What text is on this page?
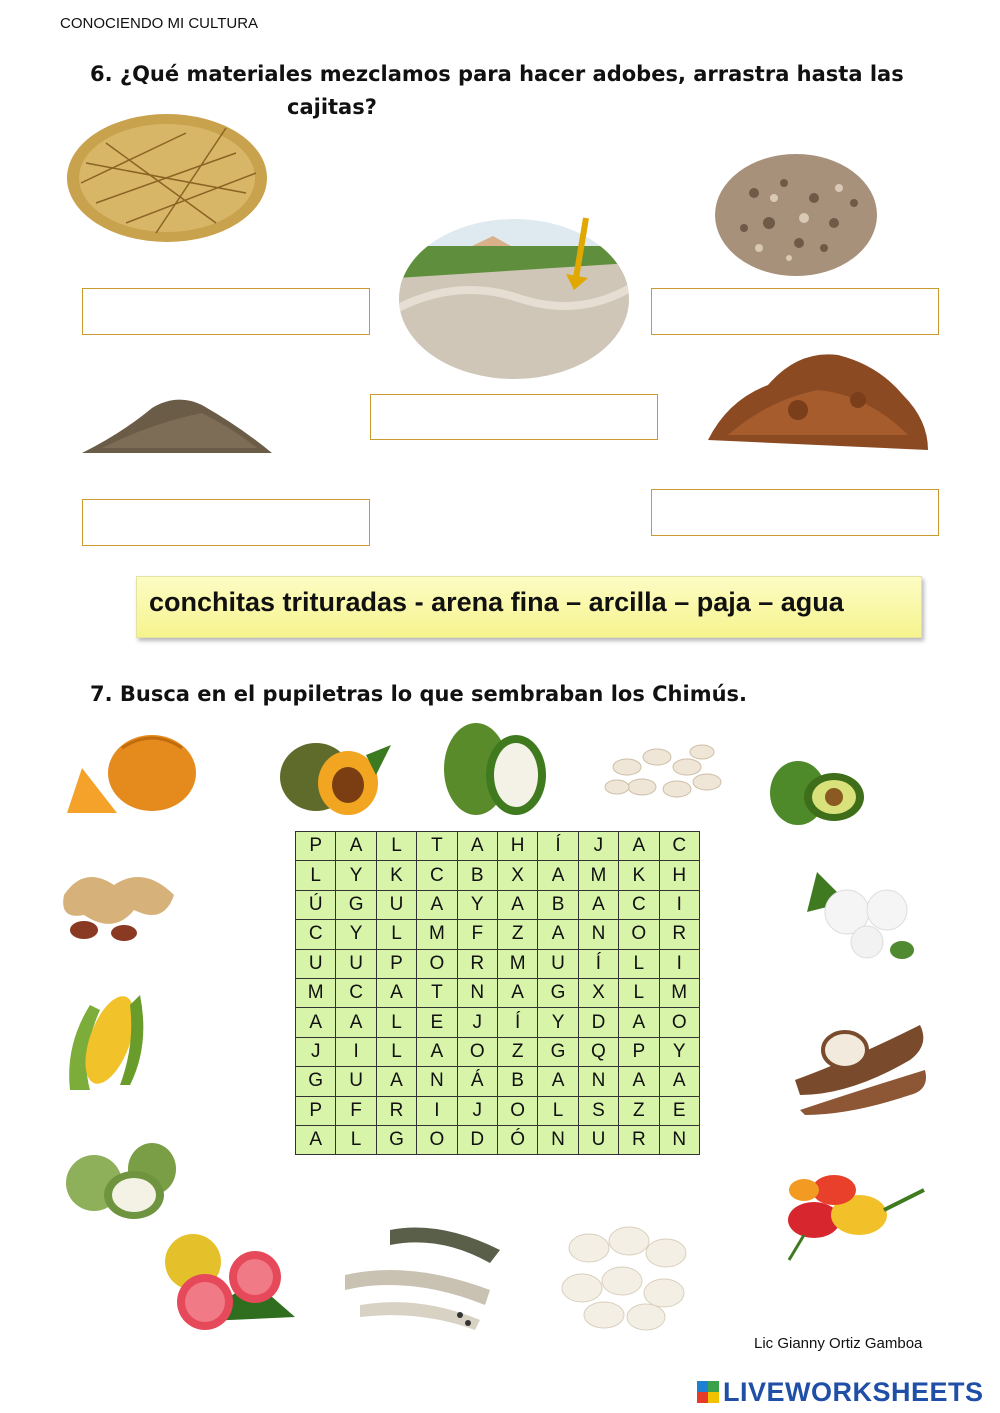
CONOCIENDO MI CULTURA
6. ¿Qué materiales mezclamos para hacer adobes, arrastra hasta las
cajitas?
conchitas trituradas - arena fina – arcilla – paja – agua
7. Busca en el pupiletras lo que sembraban los Chimús.
P	A	L	T	A	H	Í	J	A	C
L	Y	K	C	B	X	A	M	K	H
Ú	G	U	A	Y	A	B	A	C	I
C	Y	L	M	F	Z	A	N	O	R
U	U	P	O	R	M	U	Í	L	I
M	C	A	T	N	A	G	X	L	M
A	A	L	E	J	Í	Y	D	A	O
J	I	L	A	O	Z	G	Q	P	Y
G	U	A	N	Á	B	A	N	A	A
P	F	R	I	J	O	L	S	Z	E
A	L	G	O	D	Ó	N	U	R	N
Lic Gianny Ortiz Gamboa
LIVEWORKSHEETS
